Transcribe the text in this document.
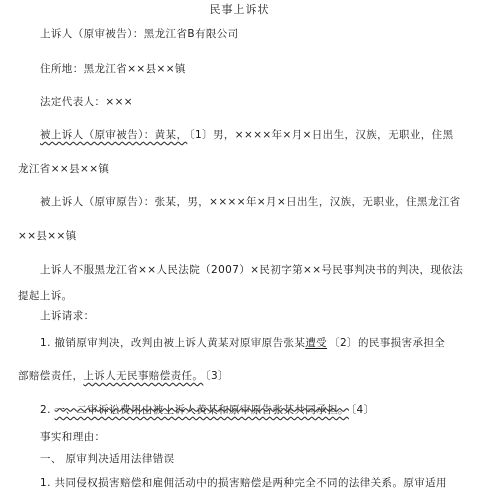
民事上诉状
上诉人（原审被告）：黑龙江省B有限公司
住所地：黑龙江省××县××镇
法定代表人：×××
被上诉人（原审被告）：黄某， 〔1〕男，××××年×月×日出生，汉族，无职业，住黑
龙江省××县××镇
被上诉人（原审原告）：张某，男，××××年×月×日出生，汉族，无职业，住黑龙江省
××县××镇
上诉人不服黑龙江省××人民法院（2007）×民初字第××号民事判决书的判决，现依法
提起上诉。
上诉请求：
1. 撤销原审判决，改判由被上诉人黄某对原审原告张某遭受 〔2〕的民事损害承担全
部赔偿责任，上诉人无民事赔偿责任。 〔3〕
2. 一、二审诉讼费用由被上诉人黄某和原审原告张某共同承担。 〔4〕
事实和理由：
一、 原审判决适用法律错误
1. 共同侵权损害赔偿和雇佣活动中的损害赔偿是两种完全不同的法律关系。原审适用
